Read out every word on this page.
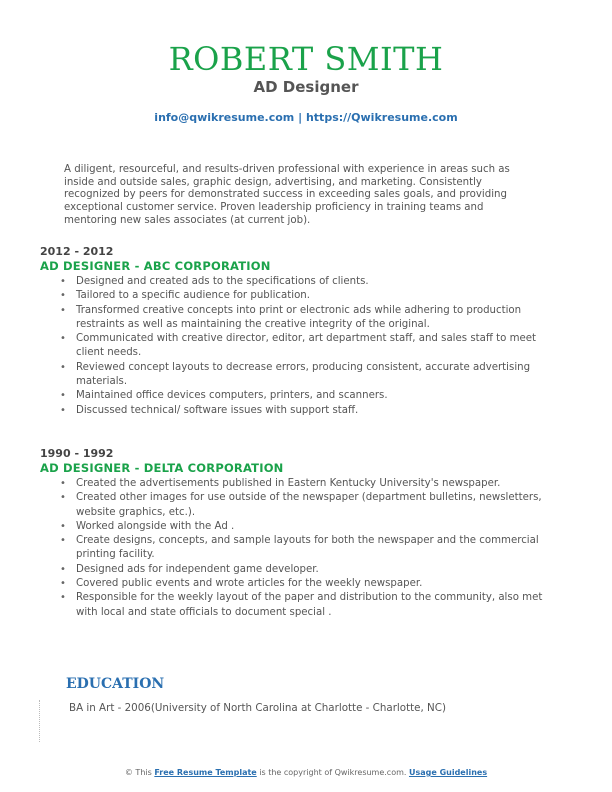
ROBERT SMITH
AD Designer
info@qwikresume.com | https://Qwikresume.com
A diligent, resourceful, and results-driven professional with experience in areas such as inside and outside sales, graphic design, advertising, and marketing. Consistently recognized by peers for demonstrated success in exceeding sales goals, and providing exceptional customer service. Proven leadership proficiency in training teams and mentoring new sales associates (at current job).
2012 - 2012
AD DESIGNER - ABC CORPORATION
• Designed and created ads to the specifications of clients.
• Tailored to a specific audience for publication.
• Transformed creative concepts into print or electronic ads while adhering to production restraints as well as maintaining the creative integrity of the original.
• Communicated with creative director, editor, art department staff, and sales staff to meet client needs.
• Reviewed concept layouts to decrease errors, producing consistent, accurate advertising materials.
• Maintained office devices computers, printers, and scanners.
• Discussed technical/ software issues with support staff.
1990 - 1992
AD DESIGNER - DELTA CORPORATION
• Created the advertisements published in Eastern Kentucky University's newspaper.
• Created other images for use outside of the newspaper (department bulletins, newsletters, website graphics, etc.).
• Worked alongside with the Ad .
• Create designs, concepts, and sample layouts for both the newspaper and the commercial printing facility.
• Designed ads for independent game developer.
• Covered public events and wrote articles for the weekly newspaper.
• Responsible for the weekly layout of the paper and distribution to the community, also met with local and state officials to document special .
EDUCATION
BA in Art - 2006(University of North Carolina at Charlotte - Charlotte, NC)
© This Free Resume Template is the copyright of Qwikresume.com. Usage Guidelines
